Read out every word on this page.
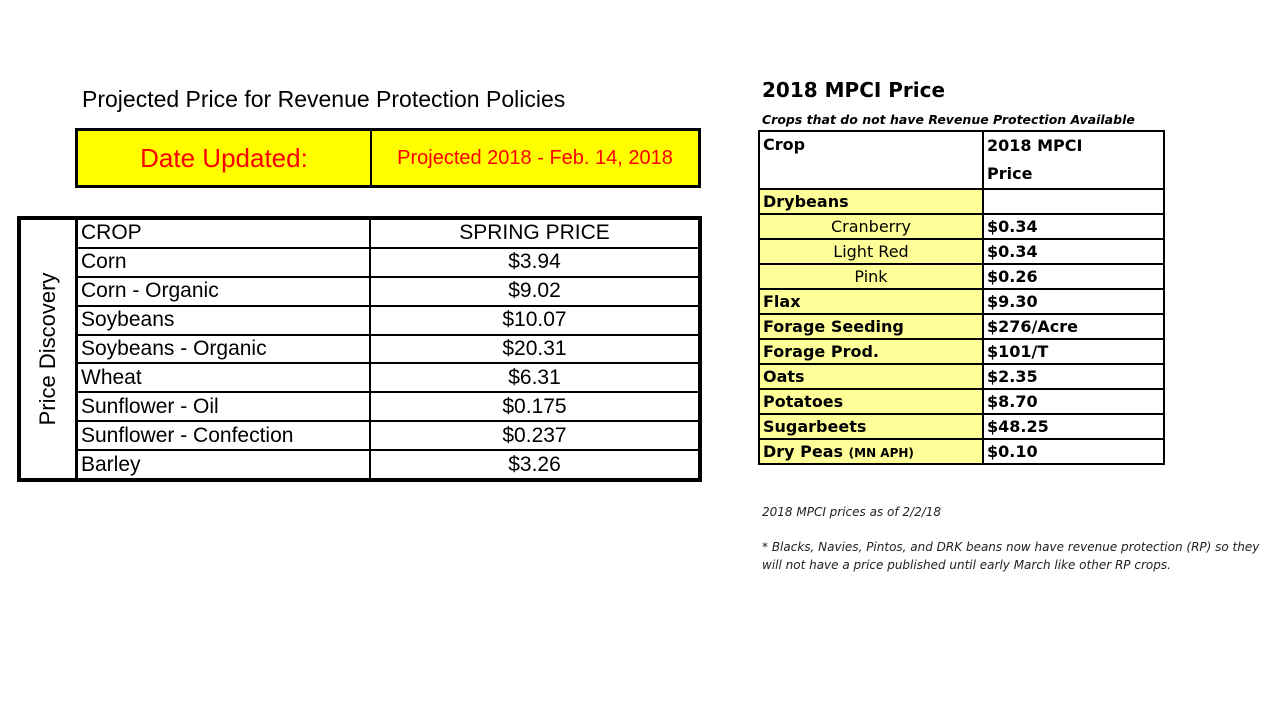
Projected Price for Revenue Protection Policies
Date Updated:	Projected 2018 - Feb. 14, 2018
Price Discovery
CROP	SPRING PRICE
Corn	$3.94
Corn - Organic	$9.02
Soybeans	$10.07
Soybeans - Organic	$20.31
Wheat	$6.31
Sunflower - Oil	$0.175
Sunflower - Confection	$0.237
Barley	$3.26
2018 MPCI Price
Crops that do not have Revenue Protection Available
Crop	2018 MPCI
Price
Drybeans	
Cranberry	$0.34
Light Red	$0.34
Pink	$0.26
Flax	$9.30
Forage Seeding	$276/Acre
Forage Prod.	$101/T
Oats	$2.35
Potatoes	$8.70
Sugarbeets	$48.25
Dry Peas (MN APH)	$0.10
2018 MPCI prices as of 2/2/18
* Blacks, Navies, Pintos, and DRK beans now have revenue protection (RP) so they will not have a price published until early March like other RP crops.
